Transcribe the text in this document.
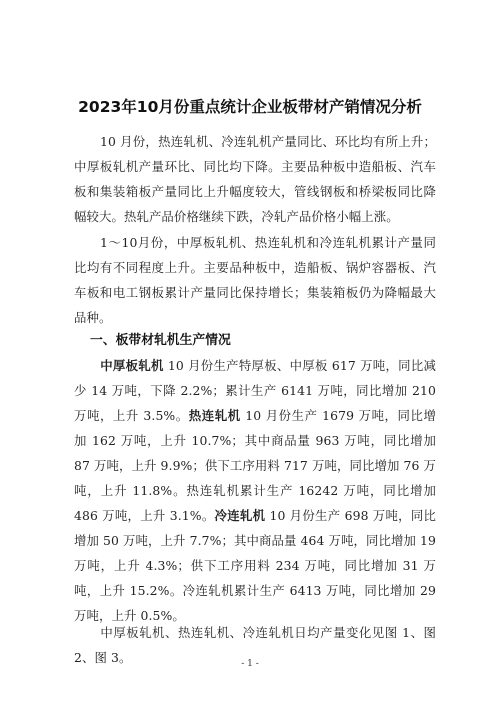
2023年10月份重点统计企业板带材产销情况分析
10 月份，热连轧机、冷连轧机产量同比、环比均有所上升；中厚板轧机产量环比、同比均下降。主要品种板中造船板、汽车板和集装箱板产量同比上升幅度较大，管线钢板和桥梁板同比降幅较大。热轧产品价格继续下跌，冷轧产品价格小幅上涨。
1～10月份，中厚板轧机、热连轧机和冷连轧机累计产量同比均有不同程度上升。主要品种板中，造船板、锅炉容器板、汽车板和电工钢板累计产量同比保持增长；集装箱板仍为降幅最大品种。
一、板带材轧机生产情况
中厚板轧机 10 月份生产特厚板、中厚板 617 万吨，同比减少 14 万吨，下降 2.2%；累计生产 6141 万吨，同比增加 210 万吨，上升 3.5%。热连轧机 10 月份生产 1679 万吨，同比增加 162 万吨，上升 10.7%；其中商品量 963 万吨，同比增加 87 万吨，上升 9.9%；供下工序用料 717 万吨，同比增加 76 万吨，上升 11.8%。热连轧机累计生产 16242 万吨，同比增加 486 万吨，上升 3.1%。冷连轧机 10 月份生产 698 万吨，同比增加 50 万吨，上升 7.7%；其中商品量 464 万吨，同比增加 19 万吨，上升 4.3%；供下工序用料 234 万吨，同比增加 31 万吨，上升 15.2%。冷连轧机累计生产 6413 万吨，同比增加 29 万吨，上升 0.5%。
中厚板轧机、热连轧机、冷连轧机日均产量变化见图 1、图 2、图 3。	- 1 -
